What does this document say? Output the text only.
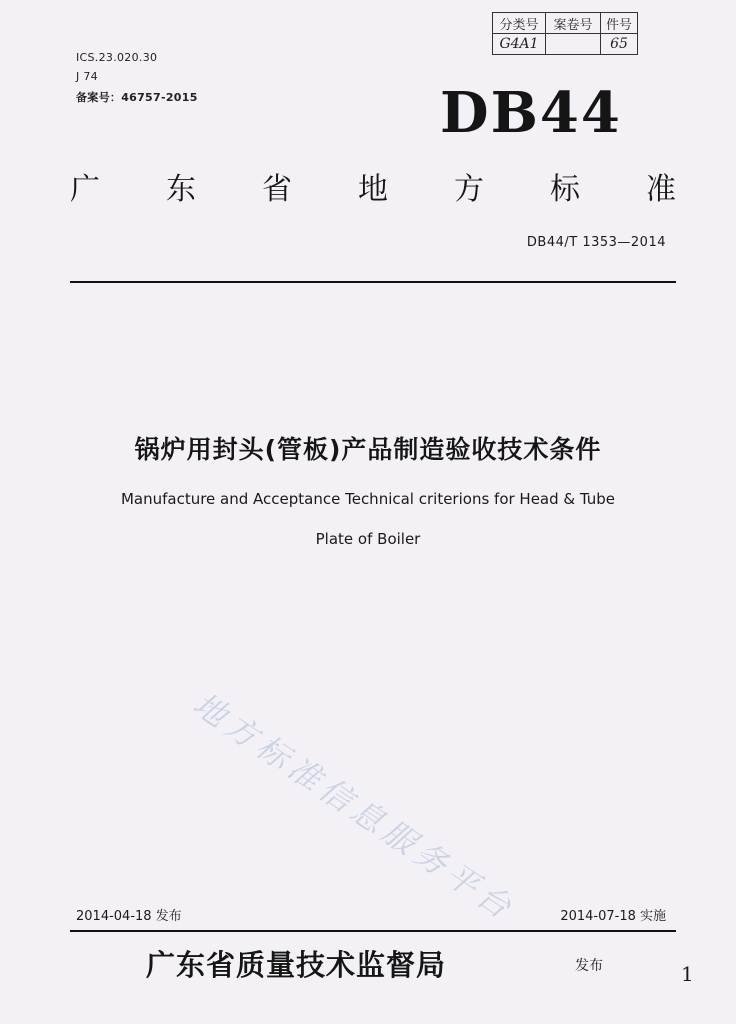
分类号	案卷号	件号
G4A1		65
ICS.23.020.30
J 74
备案号：46757-2015	DB44
广 东 省 地 方 标 准
DB44/T 1353—2014
锅炉用封头(管板)产品制造验收技术条件
Manufacture and Acceptance Technical criterions for Head & Tube
Plate of Boiler
地方标准信息服务平台
2014-04-18 发布	2014-07-18 实施
广东省质量技术监督局	发布	1
